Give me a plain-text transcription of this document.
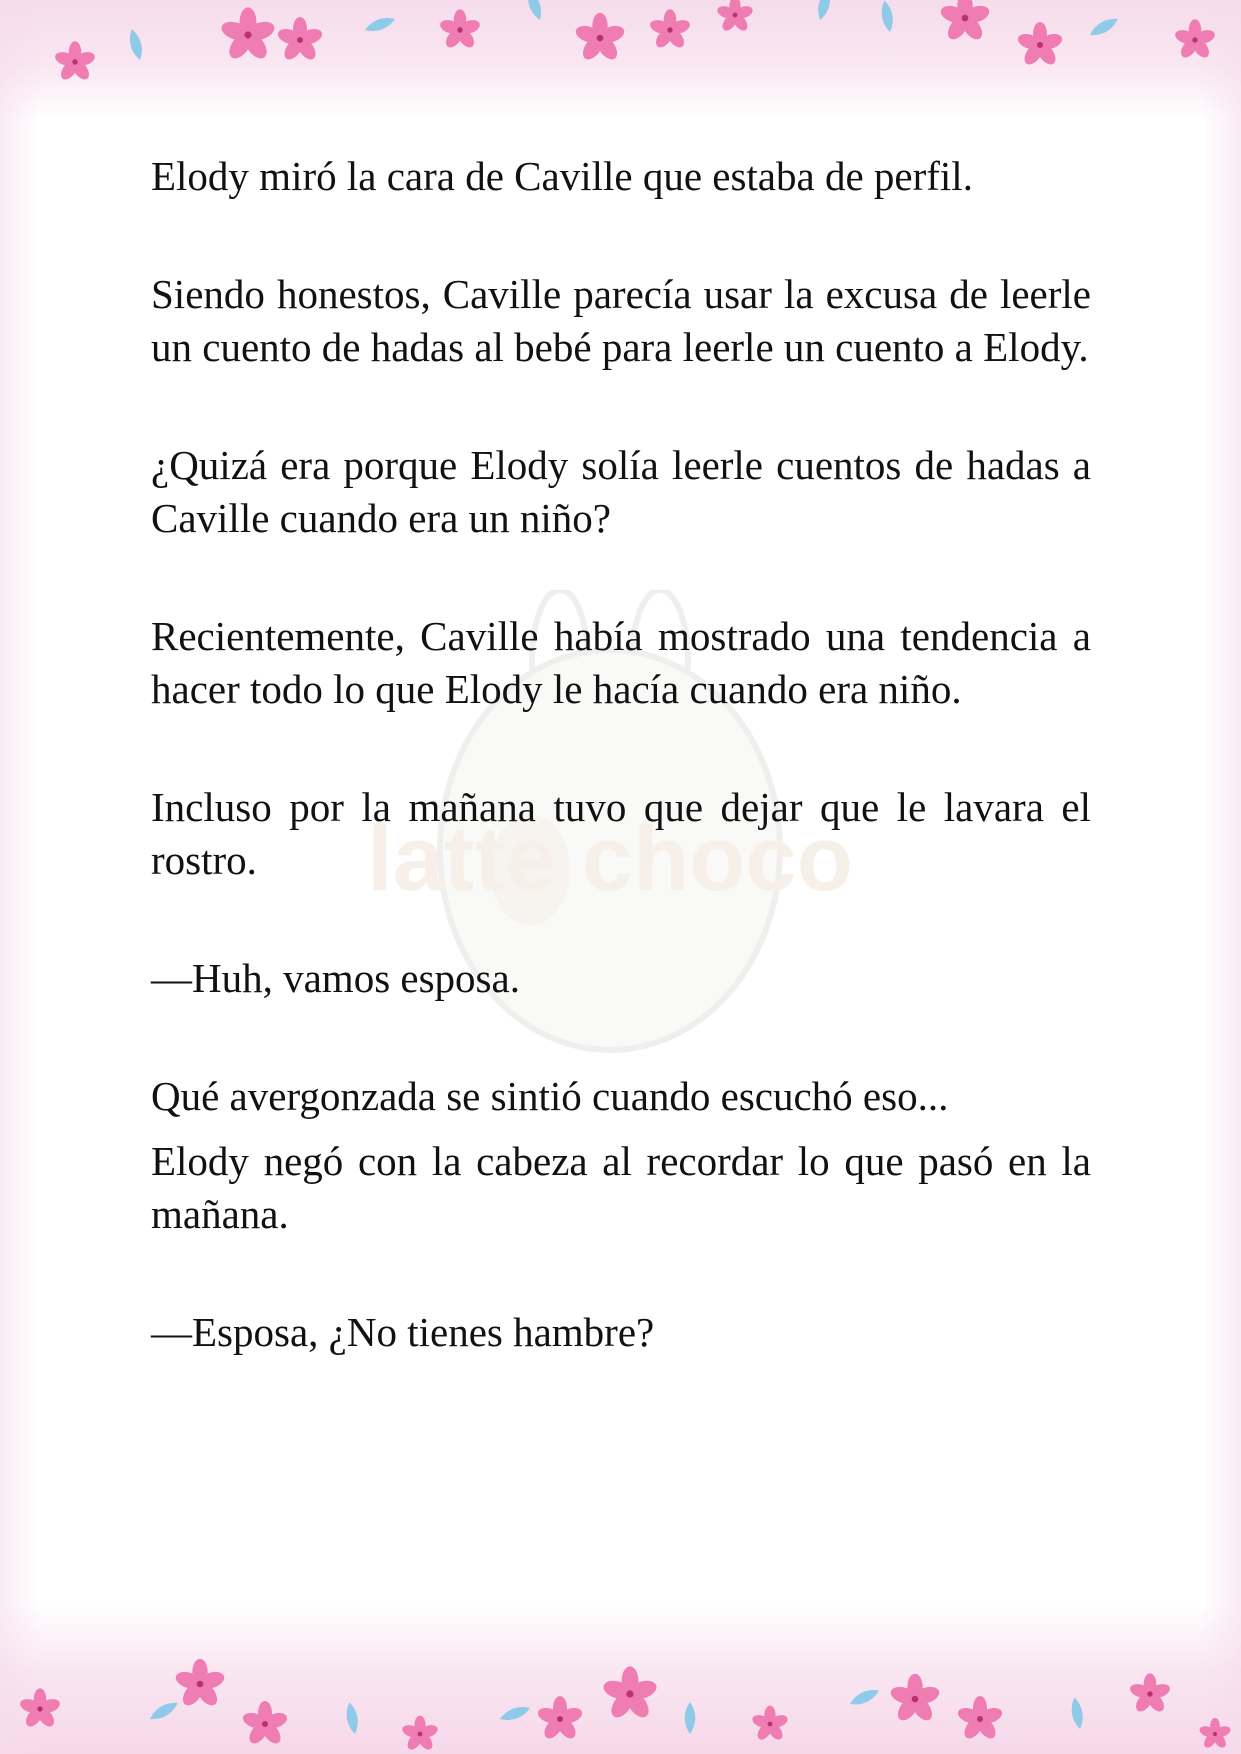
latte choco

Elody miró la cara de Caville que estaba de perfil.

Siendo honestos, Caville parecía usar la excusa de leerle un cuento de hadas al bebé para leerle un cuento a Elody.

¿Quizá era porque Elody solía leerle cuentos de hadas a Caville cuando era un niño?

Recientemente, Caville había mostrado una tendencia a hacer todo lo que Elody le hacía cuando era niño.

Incluso por la mañana tuvo que dejar que le lavara el rostro.

—Huh, vamos esposa.

Qué avergonzada se sintió cuando escuchó eso...

Elody negó con la cabeza al recordar lo que pasó en la mañana.

—Esposa, ¿No tienes hambre?
